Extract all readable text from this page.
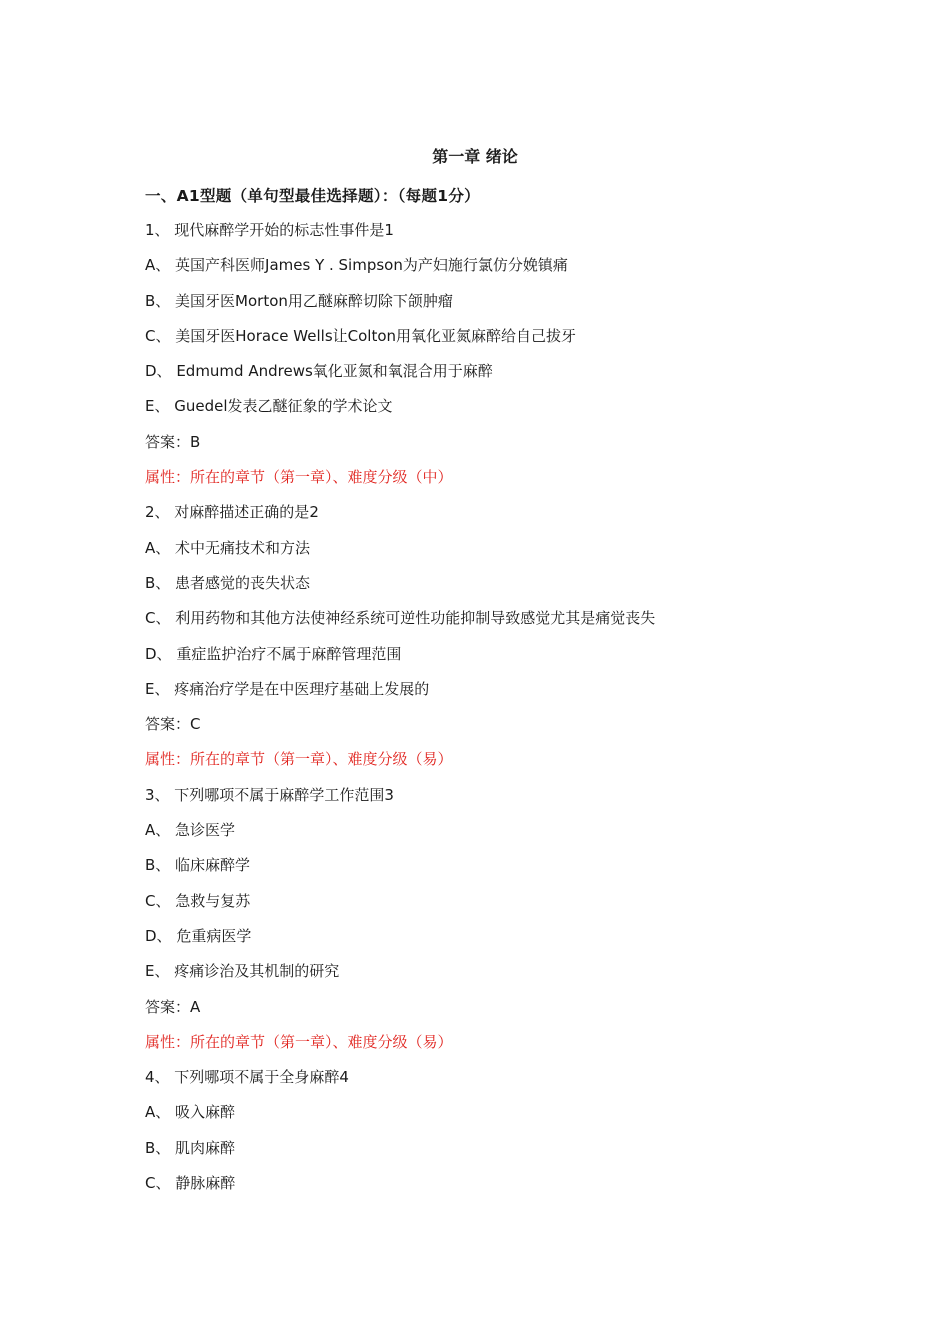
第一章 绪论
一、A1型题（单句型最佳选择题）：（每题1分）
1、 现代麻醉学开始的标志性事件是1
A、 英国产科医师James Y . Simpson为产妇施行氯仿分娩镇痛
B、 美国牙医Morton用乙醚麻醉切除下颌肿瘤
C、 美国牙医Horace Wells让Colton用氧化亚氮麻醉给自己拔牙
D、 Edmumd Andrews氧化亚氮和氧混合用于麻醉
E、 Guedel发表乙醚征象的学术论文
答案：B
属性：所在的章节（第一章）、难度分级（中）
2、 对麻醉描述正确的是2
A、 术中无痛技术和方法
B、 患者感觉的丧失状态
C、 利用药物和其他方法使神经系统可逆性功能抑制导致感觉尤其是痛觉丧失
D、 重症监护治疗不属于麻醉管理范围
E、 疼痛治疗学是在中医理疗基础上发展的
答案：C
属性：所在的章节（第一章）、难度分级（易）
3、 下列哪项不属于麻醉学工作范围3
A、 急诊医学
B、 临床麻醉学
C、 急救与复苏
D、 危重病医学
E、 疼痛诊治及其机制的研究
答案：A
属性：所在的章节（第一章）、难度分级（易）
4、 下列哪项不属于全身麻醉4
A、 吸入麻醉
B、 肌肉麻醉
C、 静脉麻醉
